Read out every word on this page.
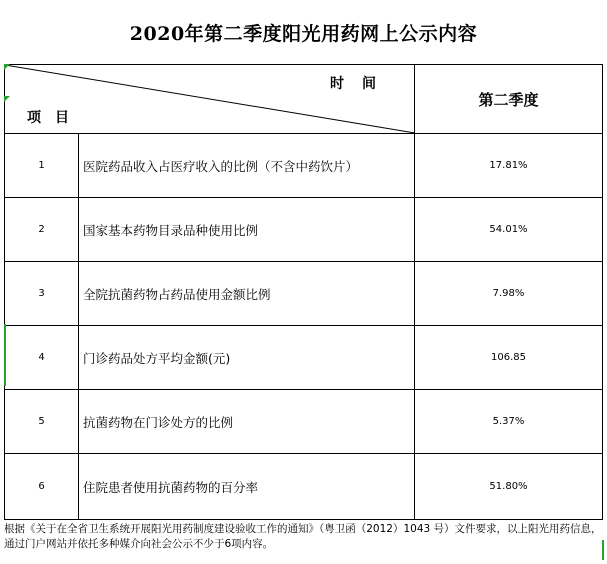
2020年第二季度阳光用药网上公示内容
时　间
项　目		第二季度
1	医院药品收入占医疗收入的比例（不含中药饮片）	17.81%
2	国家基本药物目录品种使用比例	54.01%
3	全院抗菌药物占药品使用金额比例	7.98%
4	门诊药品处方平均金额(元)	106.85
5	抗菌药物在门诊处方的比例	5.37%
6	住院患者使用抗菌药物的百分率	51.80%
根据《关于在全省卫生系统开展阳光用药制度建设验收工作的通知》（粤卫函（2012）1043 号）文件要求，以上阳光用药信息，通过门户网站并依托多种媒介向社会公示不少于6项内容。
